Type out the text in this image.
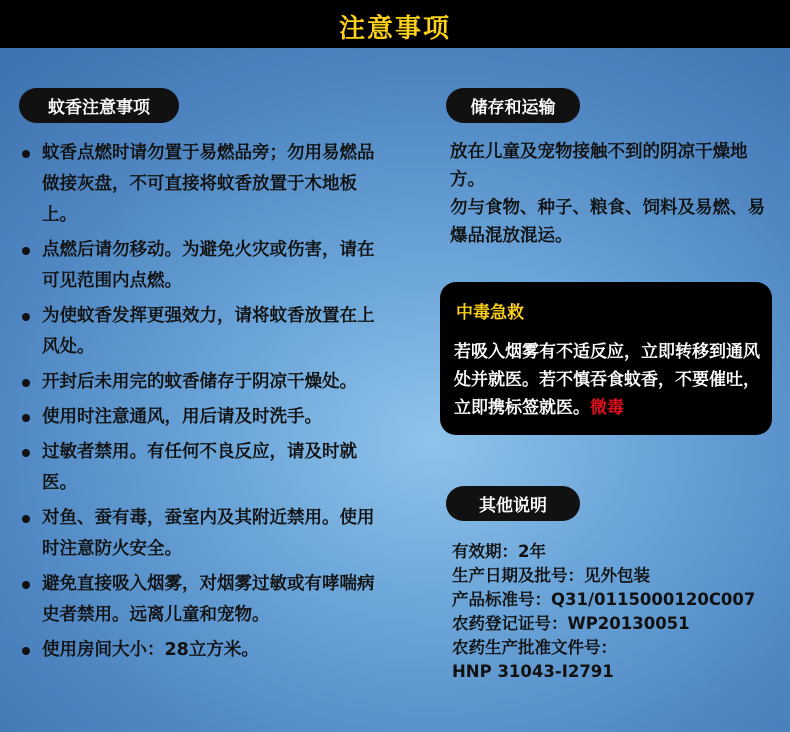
注意事项
蚊香注意事项
蚊香点燃时请勿置于易燃品旁；勿用易燃品做接灰盘，不可直接将蚊香放置于木地板上。
点燃后请勿移动。为避免火灾或伤害，请在可见范围内点燃。
为使蚊香发挥更强效力，请将蚊香放置在上风处。
开封后未用完的蚊香储存于阴凉干燥处。
使用时注意通风，用后请及时洗手。
过敏者禁用。有任何不良反应，请及时就医。
对鱼、蚕有毒，蚕室内及其附近禁用。使用时注意防火安全。
避免直接吸入烟雾，对烟雾过敏或有哮喘病史者禁用。远离儿童和宠物。
使用房间大小：28立方米。
储存和运输

放在儿童及宠物接触不到的阴凉干燥地方。

勿与食物、种子、粮食、饲料及易燃、易爆品混放混运。

中毒急救
若吸入烟雾有不适反应，立即转移到通风处并就医。若不慎吞食蚊香，不要催吐，立即携标签就医。微毒
其他说明
有效期：2年
生产日期及批号：见外包装
产品标准号：Q31/0115000120C007
农药登记证号：WP20130051
农药生产批准文件号：
HNP 31043-I2791
